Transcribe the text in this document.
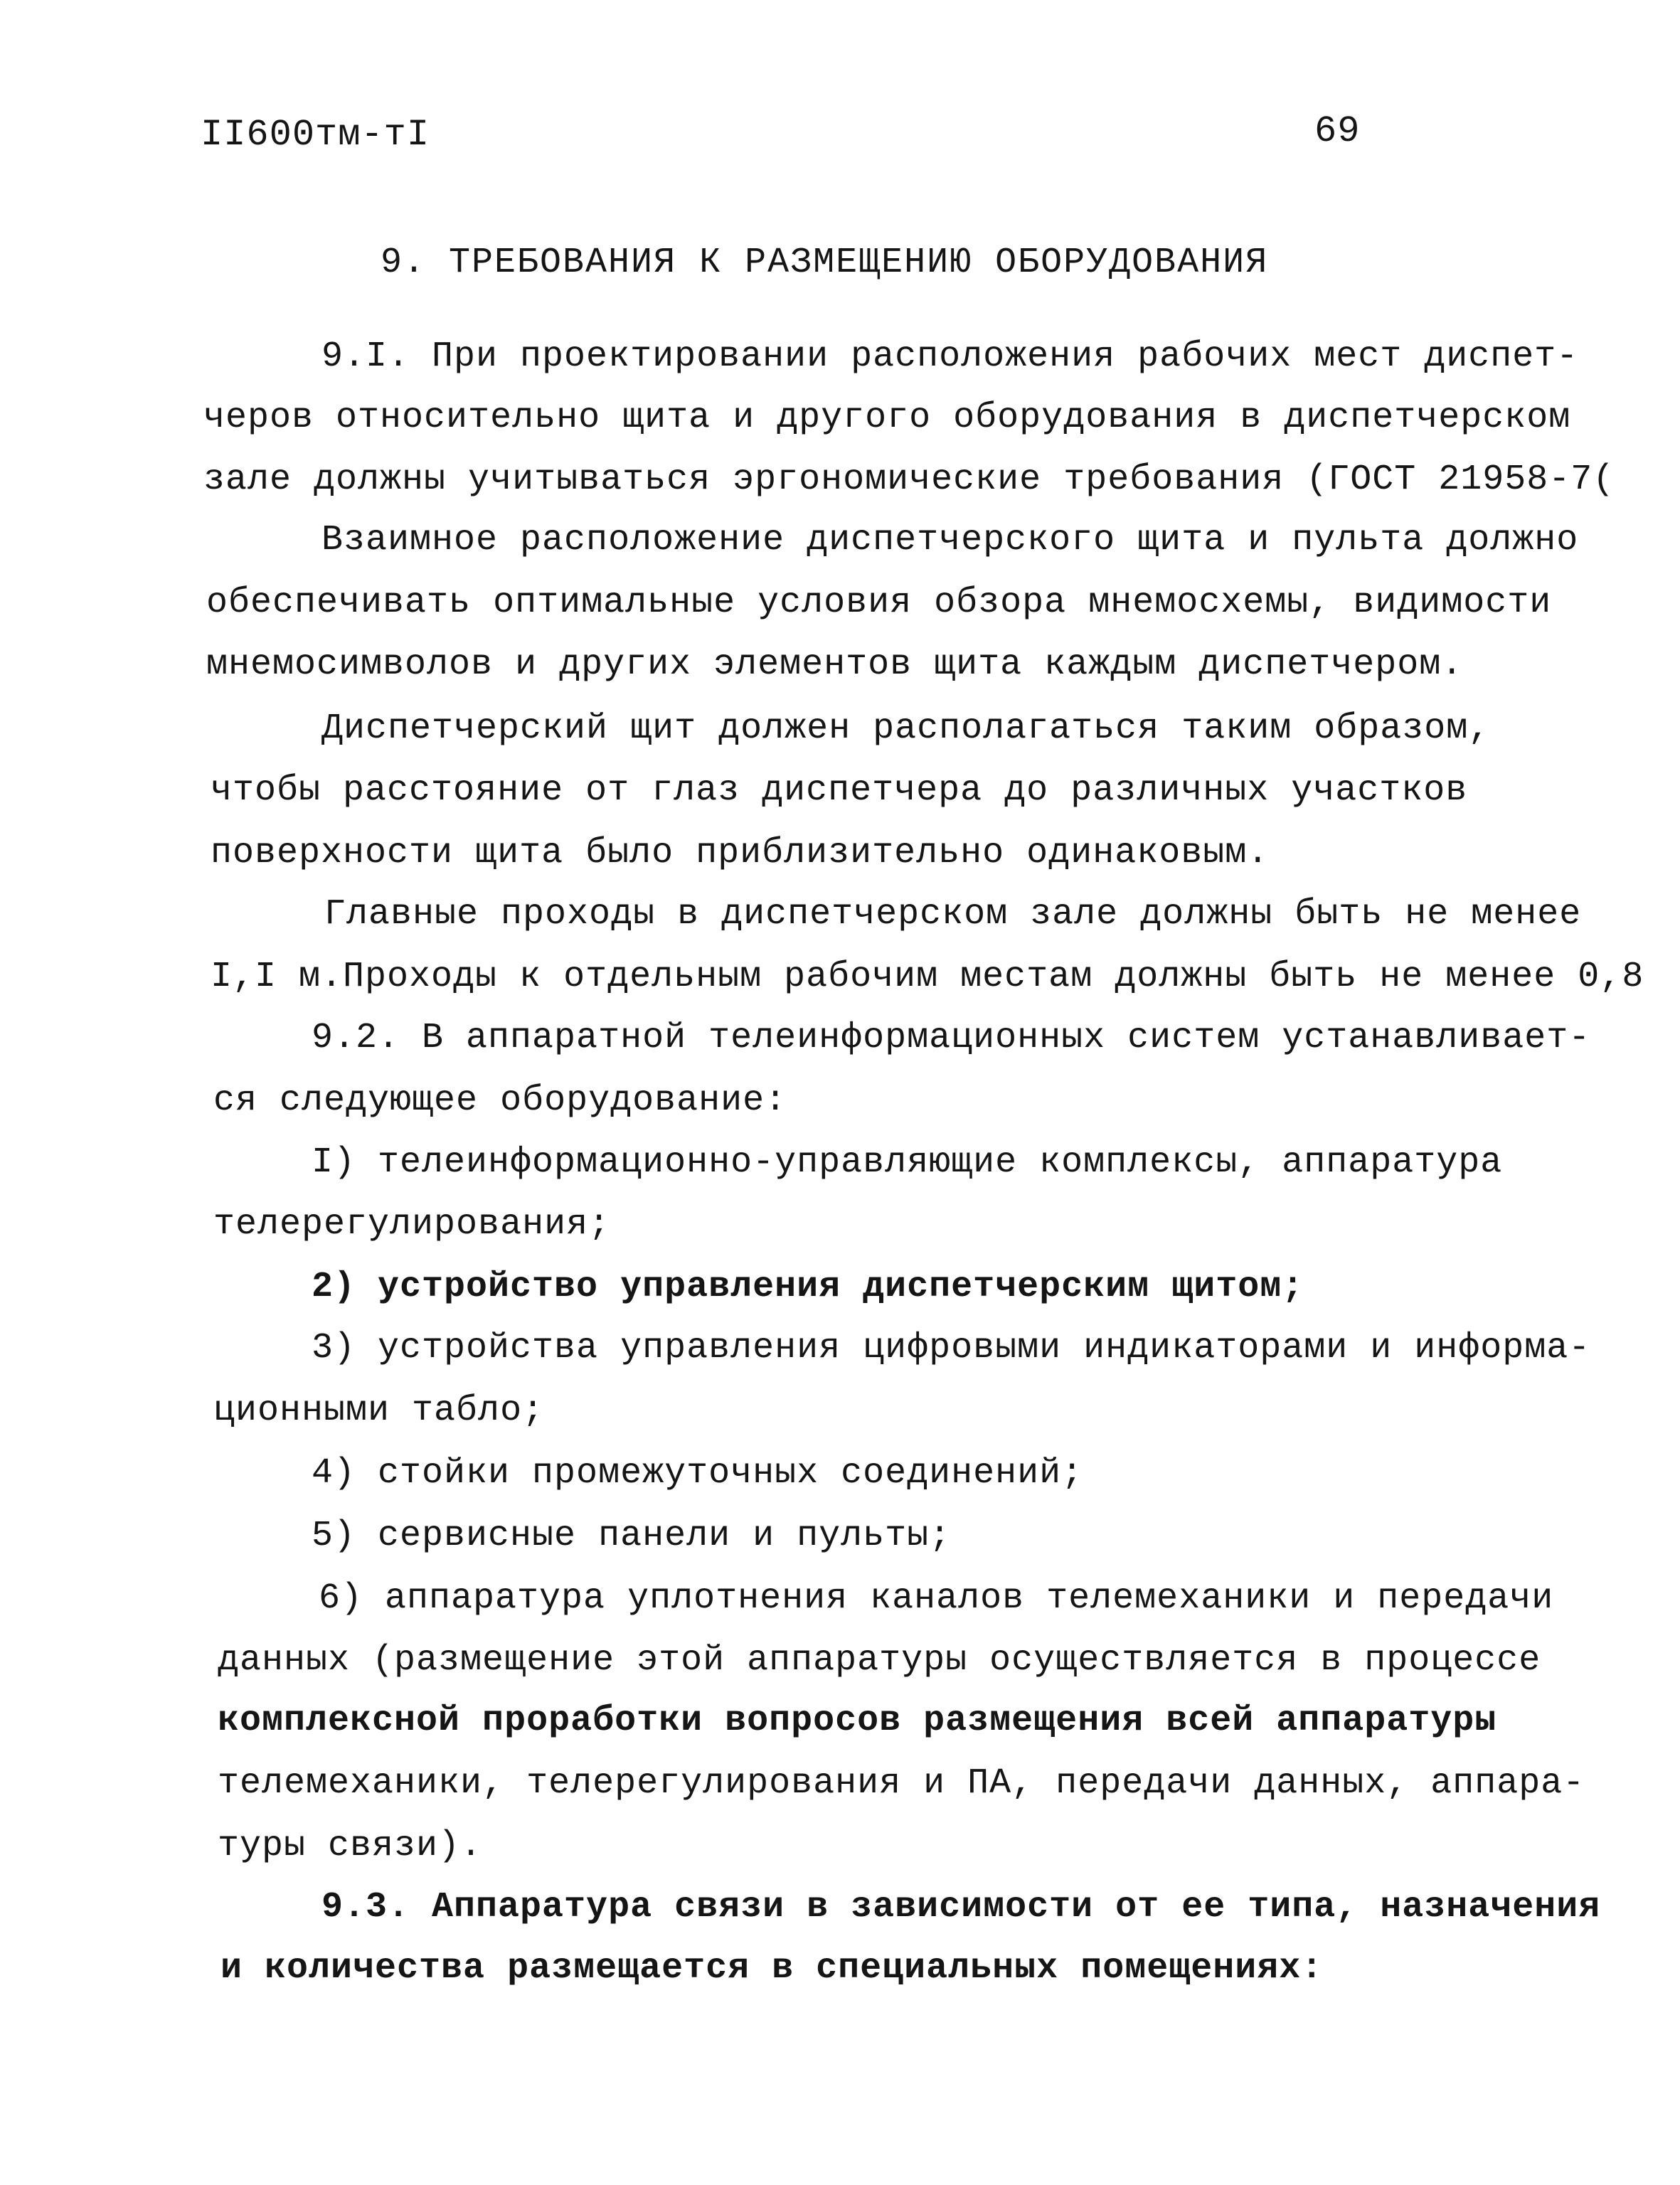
II600тм-тI	69
9. ТРЕБОВАНИЯ К РАЗМЕЩЕНИЮ ОБОРУДОВАНИЯ
9.I. При проектировании расположения рабочих мест диспет-
черов относительно щита и другого оборудования в диспетчерском
зале должны учитываться эргономические требования (ГОСТ 21958-7(
Взаимное расположение диспетчерского щита и пульта должно
обеспечивать оптимальные условия обзора мнемосхемы, видимости
мнемосимволов и других элементов щита каждым диспетчером.
Диспетчерский щит должен располагаться таким образом,
чтобы расстояние от глаз диспетчера до различных участков
поверхности щита было приблизительно одинаковым.
Главные проходы в диспетчерском зале должны быть не менее
I,I м.Проходы к отдельным рабочим местам должны быть не менее 0,8
9.2. В аппаратной телеинформационных систем устанавливает-
ся следующее оборудование:
I) телеинформационно-управляющие комплексы, аппаратура
телерегулирования;
2) устройство управления диспетчерским щитом;
3) устройства управления цифровыми индикаторами и информа-
ционными табло;
4) стойки промежуточных соединений;
5) сервисные панели и пульты;
6) аппаратура уплотнения каналов телемеханики и передачи
данных (размещение этой аппаратуры осуществляется в процессе
комплексной проработки вопросов размещения всей аппаратуры
телемеханики, телерегулирования и ПА, передачи данных, аппара-
туры связи).
9.3. Аппаратура связи в зависимости от ее типа, назначения
и количества размещается в специальных помещениях:
